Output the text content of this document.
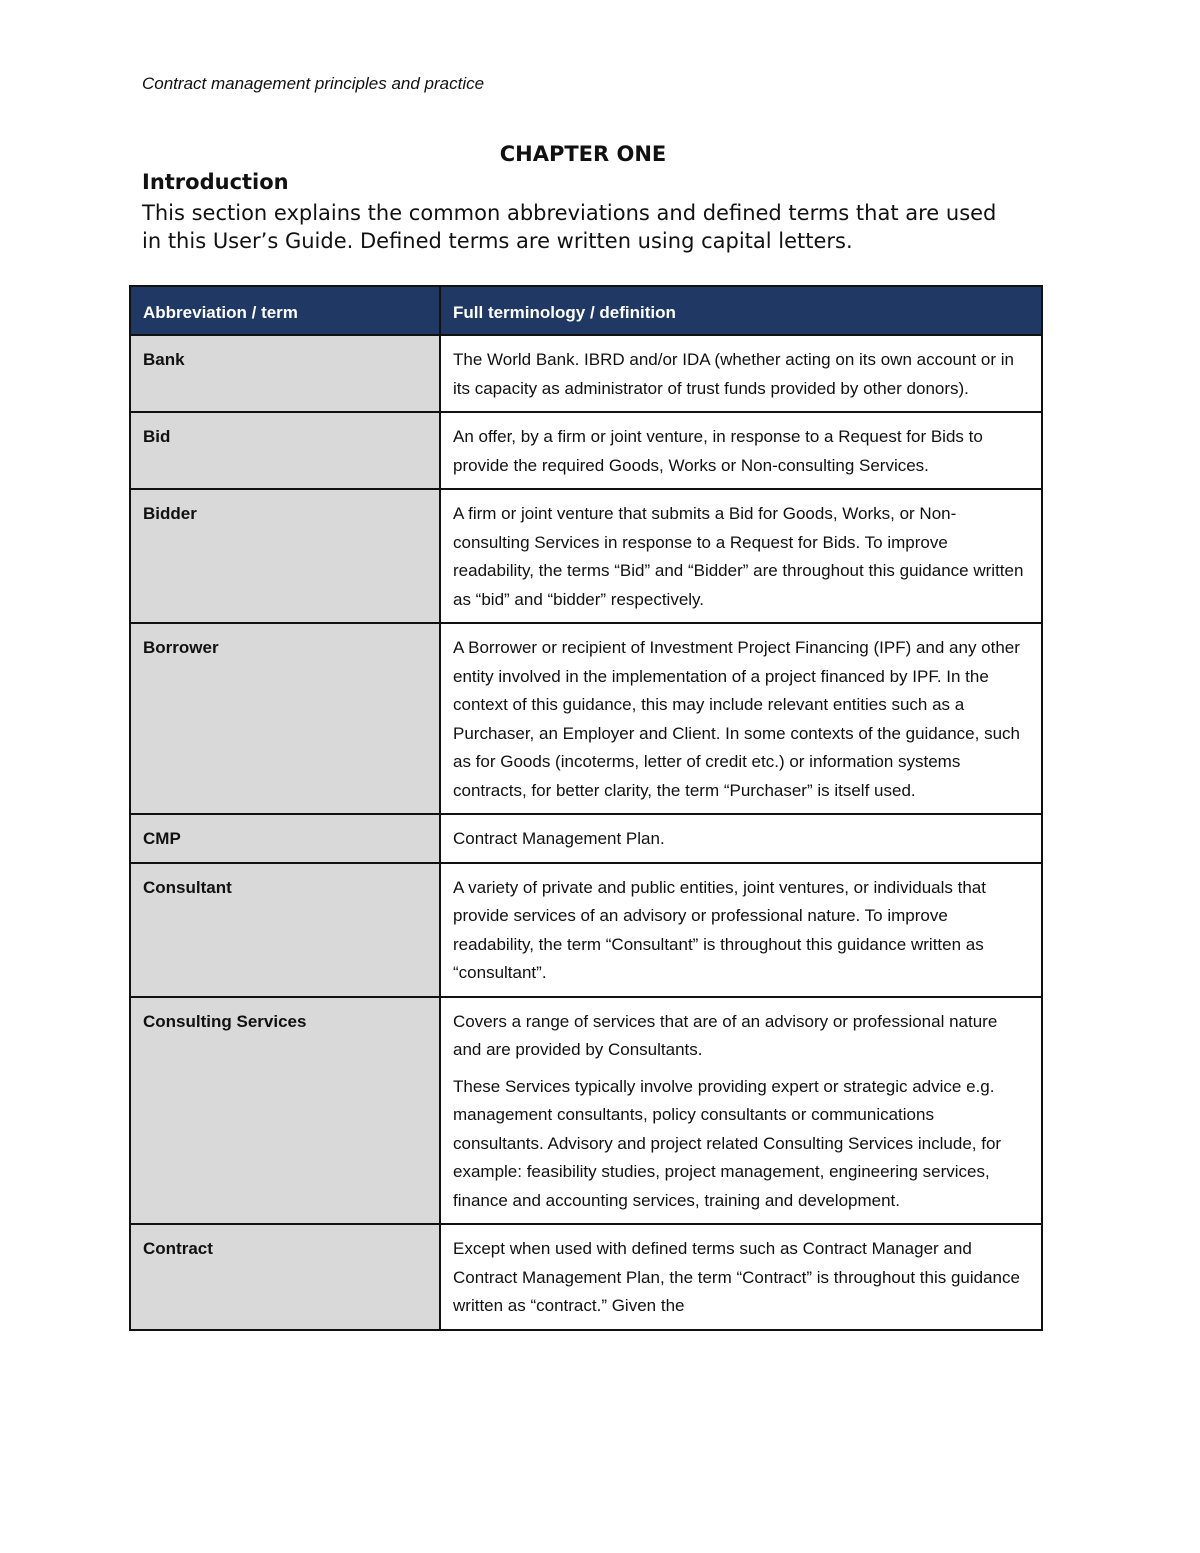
Contract management principles and practice
CHAPTER ONE
Introduction

This section explains the common abbreviations and defined terms that are used in this User’s Guide. Defined terms are written using capital letters.

Abbreviation / term	Full terminology / definition
Bank	The World Bank. IBRD and/or IDA (whether acting on its own account or in its capacity as administrator of trust funds provided by other donors).

Bid	An offer, by a firm or joint venture, in response to a Request for Bids to provide the required Goods, Works or Non-consulting Services.

Bidder	A firm or joint venture that submits a Bid for Goods, Works, or Non-consulting Services in response to a Request for Bids. To improve readability, the terms “Bid” and “Bidder” are throughout this guidance written as “bid” and “bidder” respectively.

Borrower	A Borrower or recipient of Investment Project Financing (IPF) and any other entity involved in the implementation of a project financed by IPF. In the context of this guidance, this may include relevant entities such as a Purchaser, an Employer and Client. In some contexts of the guidance, such as for Goods (incoterms, letter of credit etc.) or information systems contracts, for better clarity, the term “Purchaser” is itself used.

CMP	Contract Management Plan.

Consultant	A variety of private and public entities, joint ventures, or individuals that provide services of an advisory or professional nature. To improve readability, the term “Consultant” is throughout this guidance written as “consultant”.

Consulting Services	Covers a range of services that are of an advisory or professional nature and are provided by Consultants.

These Services typically involve providing expert or strategic advice e.g. management consultants, policy consultants or communications consultants. Advisory and project related Consulting Services include, for example: feasibility studies, project management, engineering services, finance and accounting services, training and development.

Contract	Except when used with defined terms such as Contract Manager and Contract Management Plan, the term “Contract” is throughout this guidance written as “contract.” Given the
